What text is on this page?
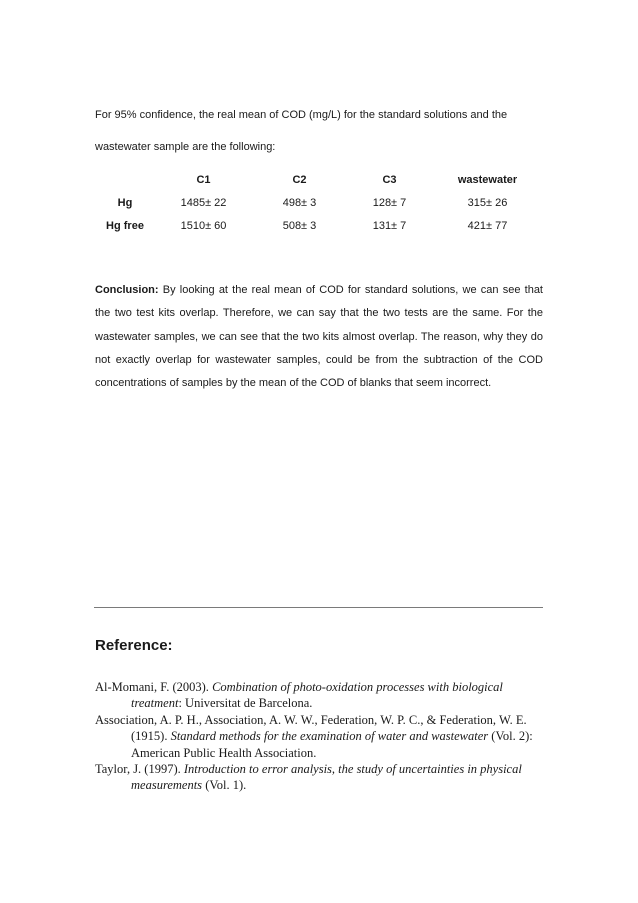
For 95% confidence, the real mean of COD (mg/L) for the standard solutions and the wastewater sample are the following:

	C1	C2	C3	wastewater
Hg	1485± 22	498± 3	128± 7	315± 26
Hg free	1510± 60	508± 3	131± 7	421± 77

Conclusion: By looking at the real mean of COD for standard solutions, we can see that the two test kits overlap. Therefore, we can say that the two tests are the same. For the wastewater samples, we can see that the two kits almost overlap. The reason, why they do not exactly overlap for wastewater samples, could be from the subtraction of the COD concentrations of samples by the mean of the COD of blanks that seem incorrect.

Reference:
Al-Momani, F. (2003). Combination of photo-oxidation processes with biological treatment: Universitat de Barcelona.
Association, A. P. H., Association, A. W. W., Federation, W. P. C., & Federation, W. E. (1915). Standard methods for the examination of water and wastewater (Vol. 2): American Public Health Association.
Taylor, J. (1997). Introduction to error analysis, the study of uncertainties in physical measurements (Vol. 1).
